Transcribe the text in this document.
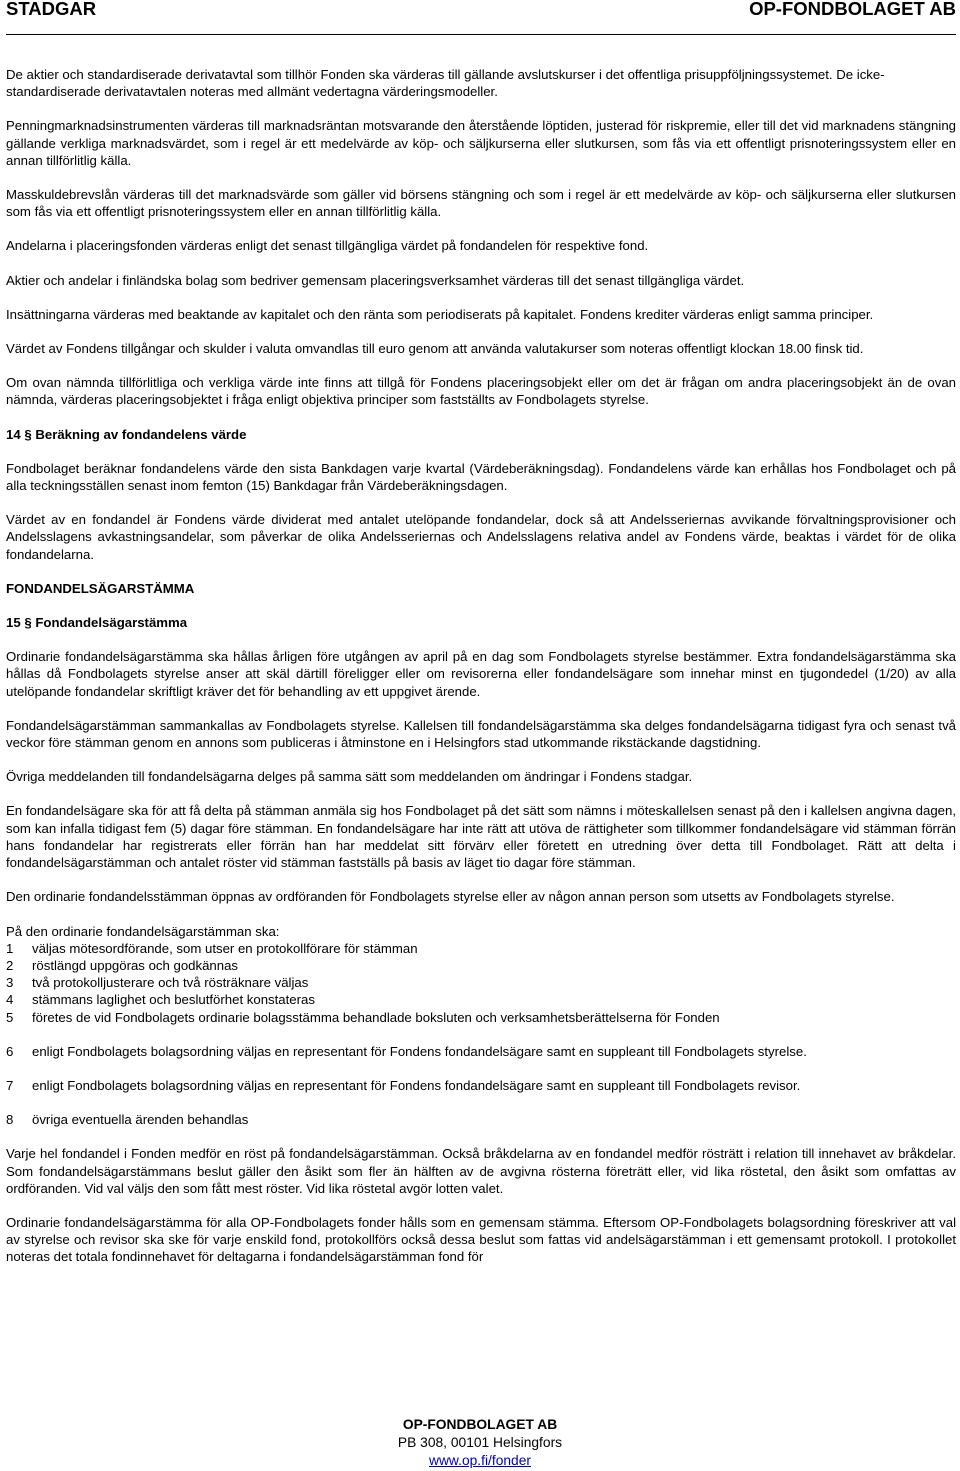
STADGAR	OP-FONDBOLAGET AB

De aktier och standardiserade derivatavtal som tillhör Fonden ska värderas till gällande avslutskurser i det offentliga prisuppföljningssystemet. De icke-standardiserade derivatavtalen noteras med allmänt vedertagna värderingsmodeller.

Penningmarknadsinstrumenten värderas till marknadsräntan motsvarande den återstående löptiden, justerad för riskpremie, eller till det vid marknadens stängning gällande verkliga marknadsvärdet, som i regel är ett medelvärde av köp- och säljkurserna eller slutkursen, som fås via ett offentligt prisnoteringssystem eller en annan tillförlitlig källa.

Masskuldebrevslån värderas till det marknadsvärde som gäller vid börsens stängning och som i regel är ett medelvärde av köp- och säljkurserna eller slutkursen som fås via ett offentligt prisnoteringssystem eller en annan tillförlitlig källa.

Andelarna i placeringsfonden värderas enligt det senast tillgängliga värdet på fondandelen för respektive fond.

Aktier och andelar i finländska bolag som bedriver gemensam placeringsverksamhet värderas till det senast tillgängliga värdet.

Insättningarna värderas med beaktande av kapitalet och den ränta som periodiserats på kapitalet. Fondens krediter värderas enligt samma principer.

Värdet av Fondens tillgångar och skulder i valuta omvandlas till euro genom att använda valutakurser som noteras offentligt klockan 18.00 finsk tid.

Om ovan nämnda tillförlitliga och verkliga värde inte finns att tillgå för Fondens placeringsobjekt eller om det är frågan om andra placeringsobjekt än de ovan nämnda, värderas placeringsobjektet i fråga enligt objektiva principer som fastställts av Fondbolagets styrelse.

14 § Beräkning av fondandelens värde

Fondbolaget beräknar fondandelens värde den sista Bankdagen varje kvartal (Värdeberäkningsdag). Fondandelens värde kan erhållas hos Fondbolaget och på alla teckningsställen senast inom femton (15) Bankdagar från Värdeberäkningsdagen.

Värdet av en fondandel är Fondens värde dividerat med antalet utelöpande fondandelar, dock så att Andelsseriernas avvikande förvaltningsprovisioner och Andelsslagens avkastningsandelar, som påverkar de olika Andelsseriernas och Andelsslagens relativa andel av Fondens värde, beaktas i värdet för de olika fondandelarna.

FONDANDELSÄGARSTÄMMA
15 § Fondandelsägarstämma

Ordinarie fondandelsägarstämma ska hållas årligen före utgången av april på en dag som Fondbolagets styrelse bestämmer. Extra fondandelsägarstämma ska hållas då Fondbolagets styrelse anser att skäl därtill föreligger eller om revisorerna eller fondandelsägare som innehar minst en tjugondedel (1/20) av alla utelöpande fondandelar skriftligt kräver det för behandling av ett uppgivet ärende.

Fondandelsägarstämman sammankallas av Fondbolagets styrelse. Kallelsen till fondandelsägarstämma ska delges fondandelsägarna tidigast fyra och senast två veckor före stämman genom en annons som publiceras i åtminstone en i Helsingfors stad utkommande rikstäckande dagstidning.

Övriga meddelanden till fondandelsägarna delges på samma sätt som meddelanden om ändringar i Fondens stadgar.

En fondandelsägare ska för att få delta på stämman anmäla sig hos Fondbolaget på det sätt som nämns i möteskallelsen senast på den i kallelsen angivna dagen, som kan infalla tidigast fem (5) dagar före stämman. En fondandelsägare har inte rätt att utöva de rättigheter som tillkommer fondandelsägare vid stämman förrän hans fondandelar har registrerats eller förrän han har meddelat sitt förvärv eller företett en utredning över detta till Fondbolaget. Rätt att delta i fondandelsägarstämman och antalet röster vid stämman fastställs på basis av läget tio dagar före stämman.

Den ordinarie fondandelsstämman öppnas av ordföranden för Fondbolagets styrelse eller av någon annan person som utsetts av Fondbolagets styrelse.

På den ordinarie fondandelsägarstämman ska:

1	väljas mötesordförande, som utser en protokollförare för stämman
2	röstlängd uppgöras och godkännas
3	två protokolljusterare och två rösträknare väljas
4	stämmans laglighet och beslutförhet konstateras
5	företes de vid Fondbolagets ordinarie bolagsstämma behandlade boksluten och verksamhetsberättelserna för Fonden
6	enligt Fondbolagets bolagsordning väljas en representant för Fondens fondandelsägare samt en suppleant till Fondbolagets styrelse.
7	enligt Fondbolagets bolagsordning väljas en representant för Fondens fondandelsägare samt en suppleant till Fondbolagets revisor.
8	övriga eventuella ärenden behandlas

Varje hel fondandel i Fonden medför en röst på fondandelsägarstämman. Också bråkdelarna av en fondandel medför rösträtt i relation till innehavet av bråkdelar. Som fondandelsägarstämmans beslut gäller den åsikt som fler än hälften av de avgivna rösterna företrätt eller, vid lika röstetal, den åsikt som omfattas av ordföranden. Vid val väljs den som fått mest röster. Vid lika röstetal avgör lotten valet.

Ordinarie fondandelsägarstämma för alla OP-Fondbolagets fonder hålls som en gemensam stämma. Eftersom OP-Fondbolagets bolagsordning föreskriver att val av styrelse och revisor ska ske för varje enskild fond, protokollförs också dessa beslut som fattas vid andelsägarstämman i ett gemensamt protokoll. I protokollet noteras det totala fondinnehavet för deltagarna i fondandelsägarstämman fond för

OP-FONDBOLAGET AB
PB 308, 00101 Helsingfors
www.op.fi/fonder
